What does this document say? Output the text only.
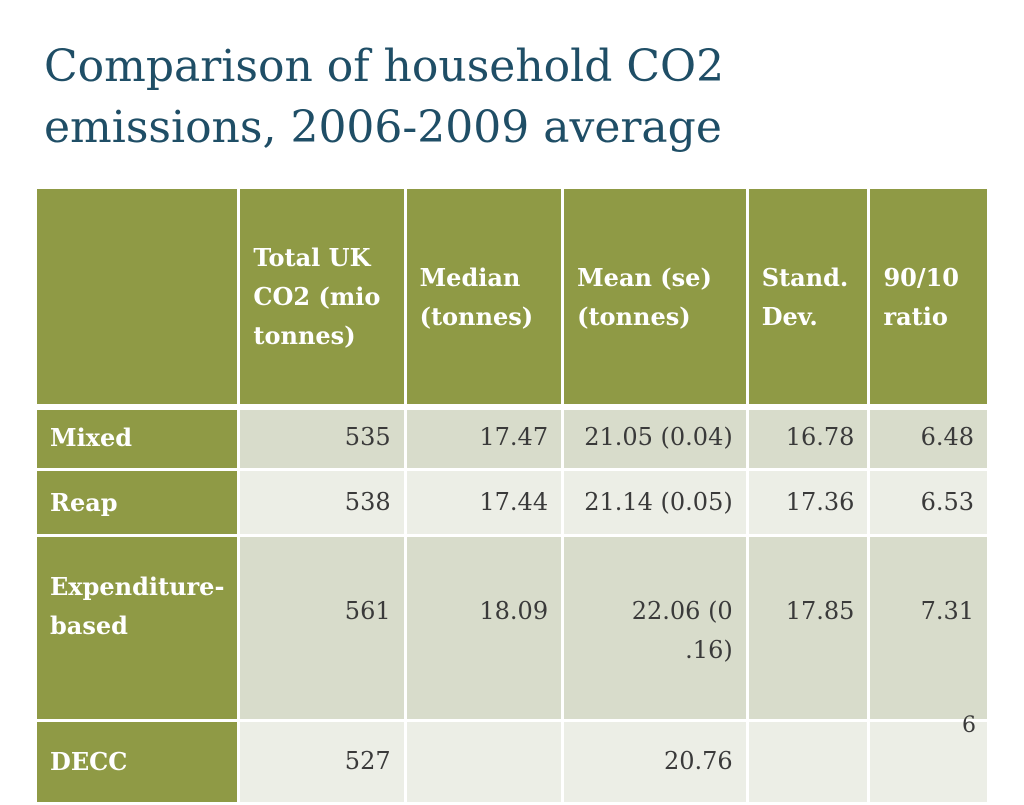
Comparison of household CO2 emissions, 2006-2009 average
	Total UK CO2 (mio tonnes)	Median (tonnes)	Mean (se) (tonnes)	Stand. Dev.	90/10 ratio

Mixed	535	17.47	21.05 (0.04)	16.78	6.48
Reap	538	17.44	21.14 (0.05)	17.36	6.53
Expenditure-based	561	18.09	22.06 (0 .16)	17.85	7.31
DECC	527		20.76		
6
